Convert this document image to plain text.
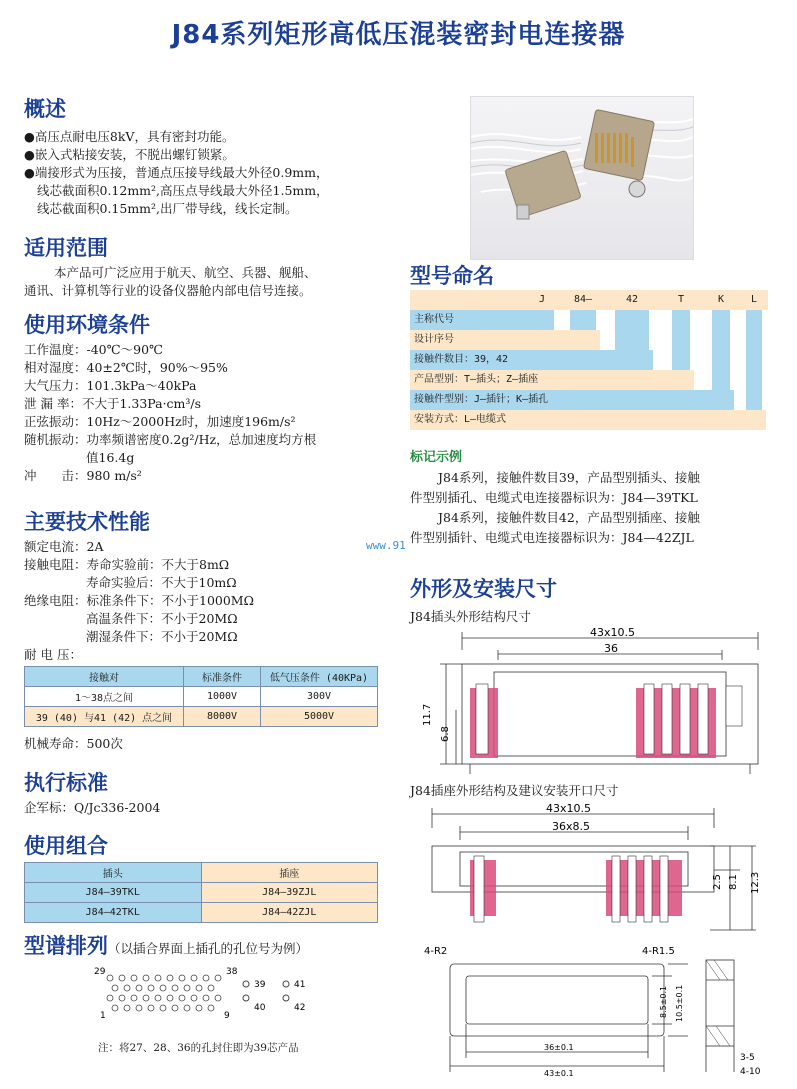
J84系列矩形高低压混装密封电连接器
概述
●高压点耐电压8kV，具有密封功能。
●嵌入式粘接安装，不脱出螺钉锁紧。
●端接形式为压接，普通点压接导线最大外径0.9mm，
线芯截面积0.12mm²,高压点导线最大外径1.5mm，
线芯截面积0.15mm²,出厂带导线，线长定制。
适用范围
本产品可广泛应用于航天、航空、兵器、舰船、
通讯、计算机等行业的设备仪器舱内部电信号连接。
使用环境条件
工作温度：-40℃～90℃
相对湿度：40±2℃时，90%～95%
大气压力：101.3kPa～40kPa
泄 漏 率：不大于1.33Pa·cm³/s
正弦振动：10Hz～2000Hz时，加速度196m/s²
随机振动：功率频谱密度0.2g²/Hz，总加速度均方根
值16.4g
冲　　击：980 m/s²
主要技术性能
额定电流：2A
接触电阻：寿命实验前：不大于8mΩ
寿命实验后：不大于10mΩ
绝缘电阻：标准条件下：不小于1000MΩ
高温条件下：不小于20MΩ
潮湿条件下：不小于20MΩ
耐 电 压：
接触对	标准条件	低气压条件 (40KPa)
1～38点之间	1000V	300V
39 (40) 与41 (42) 点之间	8000V	5000V
机械寿命：500次
执行标准
企军标：Q/Jc336-2004
使用组合
插头	插座
J84—39TKL	J84—39ZJL
J84—42TKL	J84—42ZJL
型谱排列（以插合界面上插孔的孔位号为例）
29	38
1	9
39
40
41
42
注：将27、28、36的孔封住即为39芯产品
型号命名
J	84—	42	T	K	L
主称代号
设计序号
接触件数目：39，42
产品型别：T—插头；Z—插座
接触件型别：J—插针；K—插孔
安装方式：L—电缆式
标记示例
J84系列，接触件数目39，产品型别插头、接触
件型别插孔、电缆式电连接器标识为：J84—39TKL
J84系列，接触件数目42，产品型别插座、接触
件型别插针、电缆式电连接器标识为：J84—42ZJL
www.91
外形及安装尺寸
J84插头外形结构尺寸
43x10.5
36
11.7
6.8
J84插座外形结构及建议安装开口尺寸
43x10.5
36x8.5
2.5 8.1 12.3
4-R2	4-R1.5
8.5±0.1 10.5±0.1
36±0.1
43±0.1
3-5
4-10
